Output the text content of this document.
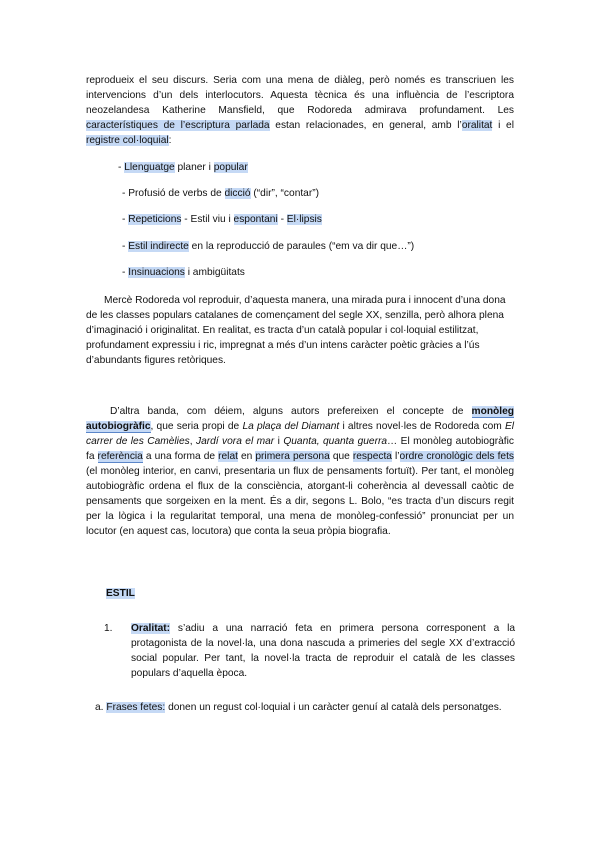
reprodueix el seu discurs. Seria com una mena de diàleg, però només es transcriuen les intervencions d’un dels interlocutors. Aquesta tècnica és una influència de l’escriptora neozelandesa Katherine Mansfield, que Rodoreda admirava profundament. Les característiques de l’escriptura parlada estan relacionades, en general, amb l’oralitat i el registre col·loquial:
- Llenguatge planer i popular
- Profusió de verbs de dicció (“dir”, “contar”)
- Repeticions - Estil viu i espontani - El·lipsis
- Estil indirecte en la reproducció de paraules (“em va dir que…”)
- Insinuacions i ambigüitats
Mercè Rodoreda vol reproduir, d’aquesta manera, una mirada pura i innocent d’una dona de les classes populars catalanes de començament del segle XX, senzilla, però alhora plena d’imaginació i originalitat. En realitat, es tracta d’un català popular i col·loquial estilitzat, profundament expressiu i ric, impregnat a més d’un intens caràcter poètic gràcies a l’ús d’abundants figures retòriques.
D’altra banda, com déiem, alguns autors prefereixen el concepte de monòleg autobiogràfic, que seria propi de La plaça del Diamant i altres novel·les de Rodoreda com El carrer de les Camèlies, Jardí vora el mar i Quanta, quanta guerra… El monòleg autobiogràfic fa referència a una forma de relat en primera persona que respecta l’ordre cronològic dels fets (el monòleg interior, en canvi, presentaria un flux de pensaments fortuït). Per tant, el monòleg autobiogràfic ordena el flux de la consciència, atorgant-li coherència al devessall caòtic de pensaments que sorgeixen en la ment. És a dir, segons L. Bolo, “es tracta d’un discurs regit per la lògica i la regularitat temporal, una mena de monòleg-confessió” pronunciat per un locutor (en aquest cas, locutora) que conta la seua pròpia biografia.
ESTIL
1. Oralitat: s’adiu a una narració feta en primera persona corresponent a la protagonista de la novel·la, una dona nascuda a primeries del segle XX d’extracció social popular. Per tant, la novel·la tracta de reproduir el català de les classes populars d’aquella època.
a. Frases fetes: donen un regust col·loquial i un caràcter genuí al català dels personatges.
